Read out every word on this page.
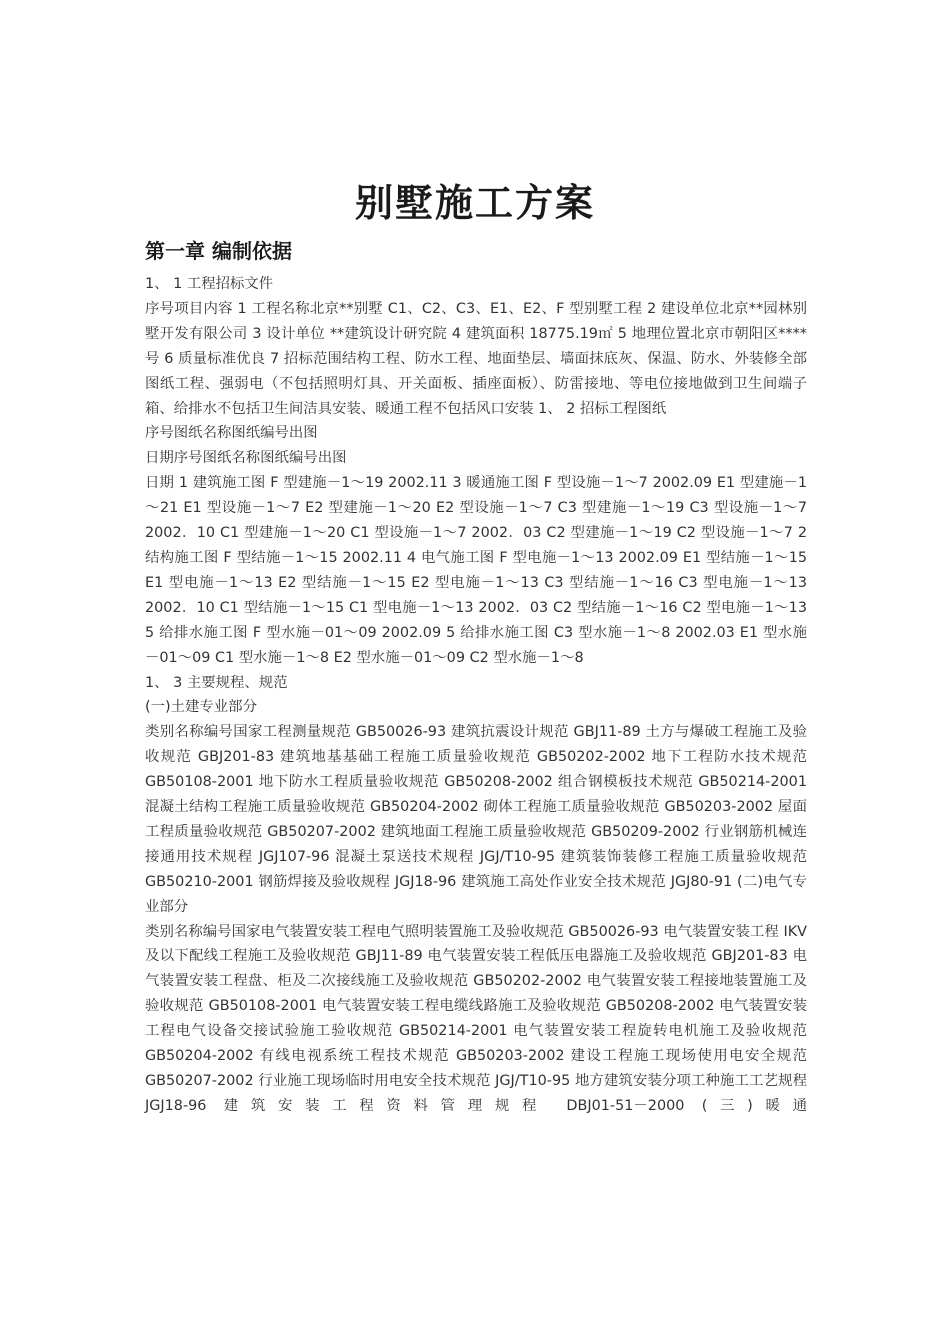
别墅施工方案
第一章 编制依据

1、 1 工程招标文件

序号项目内容 1 工程名称北京**别墅 C1、C2、C3、E1、E2、F 型别墅工程 2 建设单位北京**园林别墅开发有限公司 3 设计单位 **建筑设计研究院 4 建筑面积 18775.19㎡ 5 地理位置北京市朝阳区****号 6 质量标准优良 7 招标范围结构工程、防水工程、地面垫层、墙面抹底灰、保温、防水、外装修全部图纸工程、强弱电（不包括照明灯具、开关面板、插座面板）、防雷接地、等电位接地做到卫生间端子箱、给排水不包括卫生间洁具安装、暖通工程不包括风口安装 1、 2 招标工程图纸

序号图纸名称图纸编号出图

日期序号图纸名称图纸编号出图

日期 1 建筑施工图 F 型建施－1～19 2002.11 3 暖通施工图 F 型设施－1～7 2002.09 E1 型建施－1～21 E1 型设施－1～7 E2 型建施－1～20 E2 型设施－1～7 C3 型建施－1～19 C3 型设施－1～7 2002．10 C1 型建施－1～20 C1 型设施－1～7 2002．03 C2 型建施－1～19 C2 型设施－1～7 2 结构施工图 F 型结施－1～15 2002.11 4 电气施工图 F 型电施－1～13 2002.09 E1 型结施－1～15 E1 型电施－1～13 E2 型结施－1～15 E2 型电施－1～13 C3 型结施－1～16 C3 型电施－1～13 2002．10 C1 型结施－1～15 C1 型电施－1～13 2002．03 C2 型结施－1～16 C2 型电施－1～13 5 给排水施工图 F 型水施－01～09 2002.09 5 给排水施工图 C3 型水施－1～8 2002.03 E1 型水施－01～09 C1 型水施－1～8 E2 型水施－01～09 C2 型水施－1～8

1、 3 主要规程、规范

(一)土建专业部分

类别名称编号国家工程测量规范 GB50026-93 建筑抗震设计规范 GBJ11-89 土方与爆破工程施工及验收规范 GBJ201-83 建筑地基基础工程施工质量验收规范 GB50202-2002 地下工程防水技术规范 GB50108-2001 地下防水工程质量验收规范 GB50208-2002 组合钢模板技术规范 GB50214-2001 混凝土结构工程施工质量验收规范 GB50204-2002 砌体工程施工质量验收规范 GB50203-2002 屋面工程质量验收规范 GB50207-2002 建筑地面工程施工质量验收规范 GB50209-2002 行业钢筋机械连接通用技术规程 JGJ107-96 混凝土泵送技术规程 JGJ/T10-95 建筑装饰装修工程施工质量验收规范 GB50210-2001 钢筋焊接及验收规程 JGJ18-96 建筑施工高处作业安全技术规范 JGJ80-91 (二)电气专业部分

类别名称编号国家电气装置安装工程电气照明装置施工及验收规范 GB50026-93 电气装置安装工程 IKV 及以下配线工程施工及验收规范 GBJ11-89 电气装置安装工程低压电器施工及验收规范 GBJ201-83 电气装置安装工程盘、柜及二次接线施工及验收规范 GB50202-2002 电气装置安装工程接地装置施工及验收规范 GB50108-2001 电气装置安装工程电缆线路施工及验收规范 GB50208-2002 电气装置安装工程电气设备交接试验施工验收规范 GB50214-2001 电气装置安装工程旋转电机施工及验收规范 GB50204-2002 有线电视系统工程技术规范 GB50203-2002 建设工程施工现场使用电安全规范 GB50207-2002 行业施工现场临时用电安全技术规范 JGJ/T10-95 地方建筑安装分项工种施工工艺规程 JGJ18-96 建筑安装工程资料管理规程 DBJ01-51－2000 (三)暖通
